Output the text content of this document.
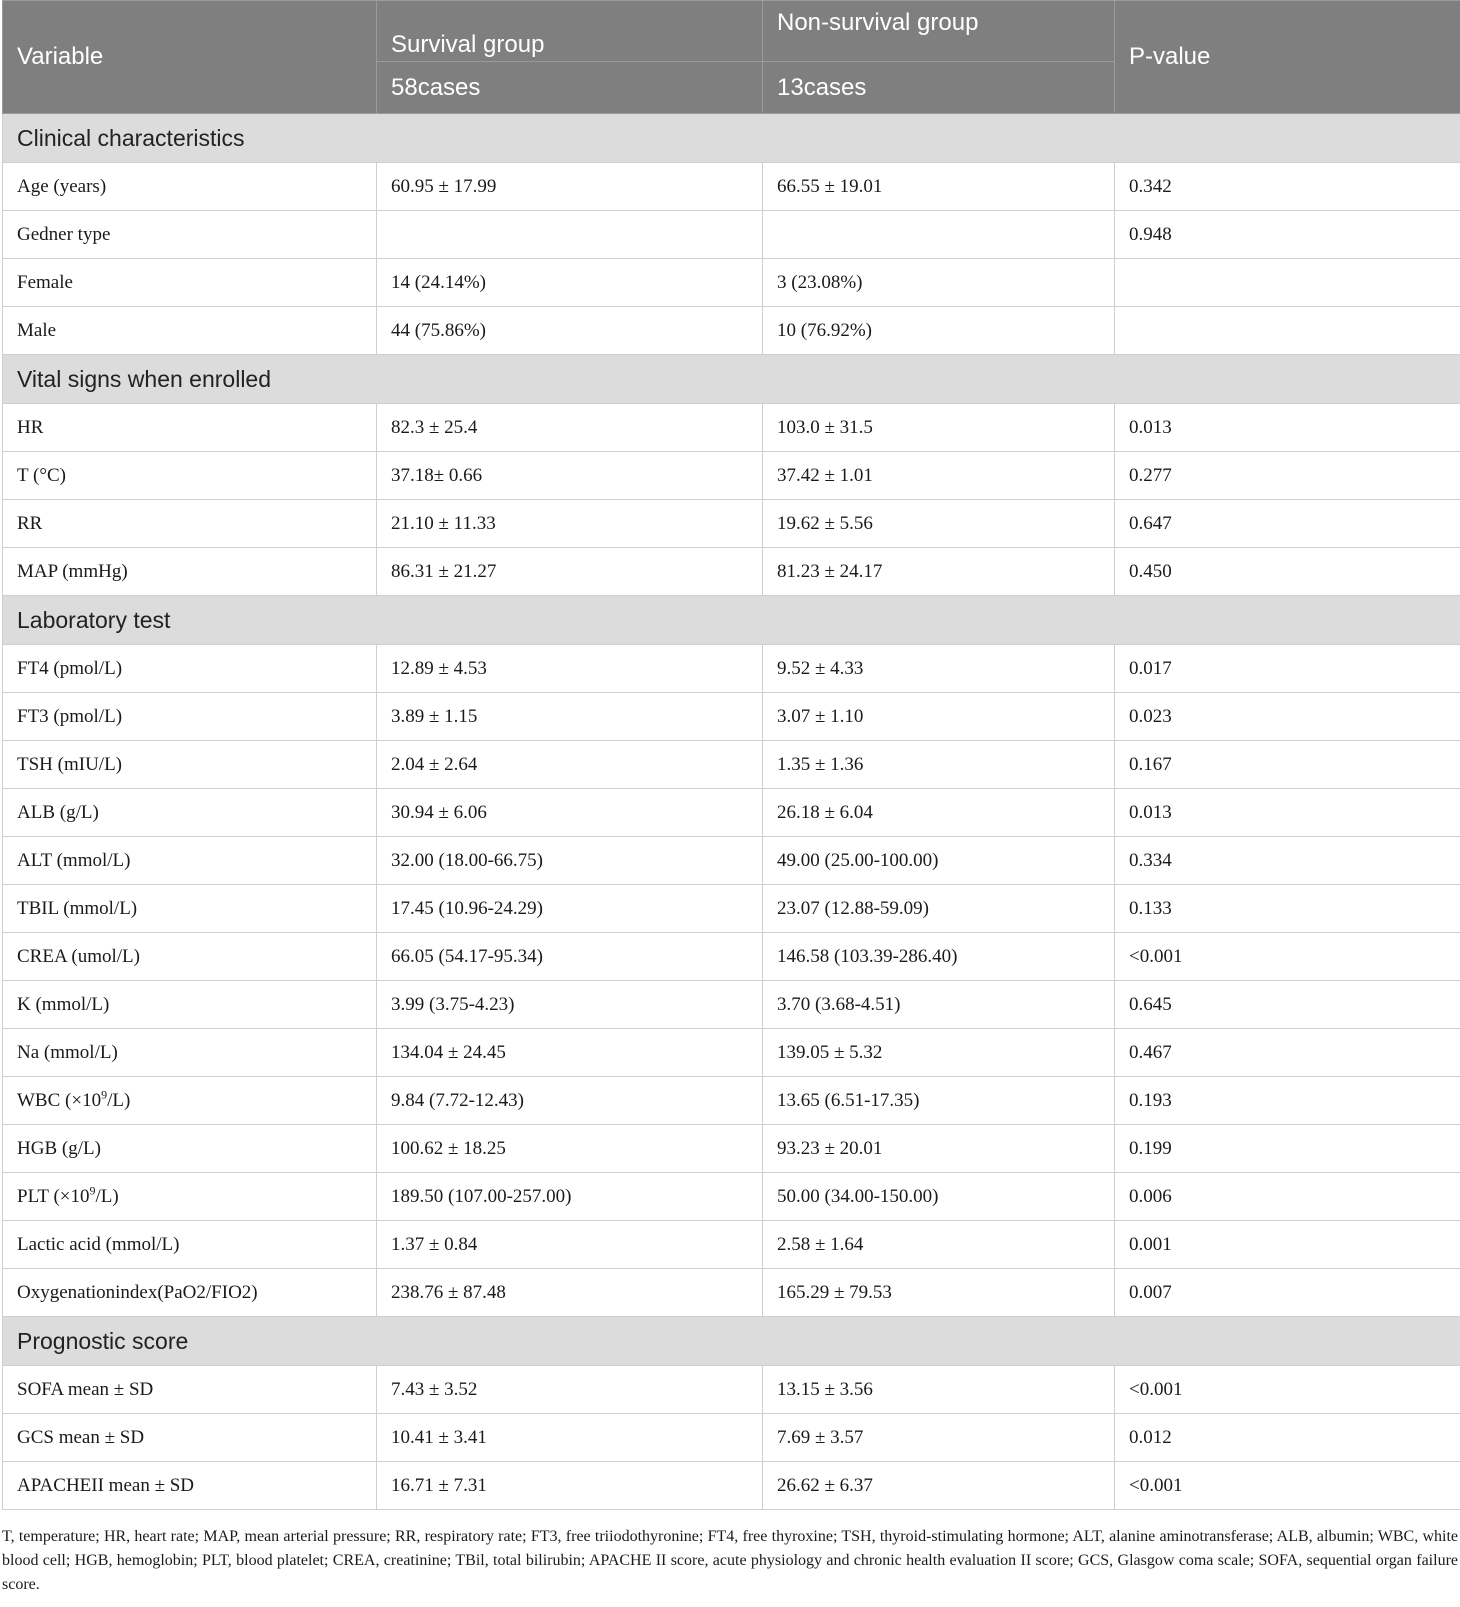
Variable	Survival group	Non-survival group	P-value
	58cases	13cases	
Clinical characteristics			
Age (years)	60.95 ± 17.99	66.55 ± 19.01	0.342
Gedner type			0.948
Female	14 (24.14%)	3 (23.08%)	
Male	44 (75.86%)	10 (76.92%)	
Vital signs when enrolled			
HR	82.3 ± 25.4	103.0 ± 31.5	0.013
T (°C)	37.18± 0.66	37.42 ± 1.01	0.277
RR	21.10 ± 11.33	19.62 ± 5.56	0.647
MAP (mmHg)	86.31 ± 21.27	81.23 ± 24.17	0.450
Laboratory test			
FT4 (pmol/L)	12.89 ± 4.53	9.52 ± 4.33	0.017
FT3 (pmol/L)	3.89 ± 1.15	3.07 ± 1.10	0.023
TSH (mIU/L)	2.04 ± 2.64	1.35 ± 1.36	0.167
ALB (g/L)	30.94 ± 6.06	26.18 ± 6.04	0.013
ALT (mmol/L)	32.00 (18.00-66.75)	49.00 (25.00-100.00)	0.334
TBIL (mmol/L)	17.45 (10.96-24.29)	23.07 (12.88-59.09)	0.133
CREA (umol/L)	66.05 (54.17-95.34)	146.58 (103.39-286.40)	<0.001
K (mmol/L)	3.99 (3.75-4.23)	3.70 (3.68-4.51)	0.645
Na (mmol/L)	134.04 ± 24.45	139.05 ± 5.32	0.467
WBC $(\times 10^9/L)$	9.84 (7.72-12.43)	13.65 (6.51-17.35)	0.193
HGB (g/L)	100.62 ± 18.25	93.23 ± 20.01	0.199
PLT $(\times 10^9/L)$	189.50 (107.00-257.00)	50.00 (34.00-150.00)	0.006
Lactic acid (mmol/L)	1.37 ± 0.84	2.58 ± 1.64	0.001
Oxygenationindex(PaO2/FIO2)	238.76 ± 87.48	165.29 ± 79.53	0.007
Prognostic score			
SOFA mean ± SD	7.43 ± 3.52	13.15 ± 3.56	<0.001
GCS mean ± SD	10.41 ± 3.41	7.69 ± 3.57	0.012
APACHEII mean ± SD	16.71 ± 7.31	26.62 ± 6.37	<0.001
T, temperature; HR, heart rate; MAP, mean arterial pressure; RR, respiratory rate; FT3, free triiodothyronine; FT4, free thyroxine; TSH, thyroid-stimulating hormone; ALT, alanine aminotransferase; ALB, albumin; WBC, white blood cell; HGB, hemoglobin; PLT, blood platelet; CREA, creatinine; TBil, total bilirubin; APACHE II score, acute physiology and chronic health evaluation II score; GCS, Glasgow coma scale; SOFA, sequential organ failure score.
